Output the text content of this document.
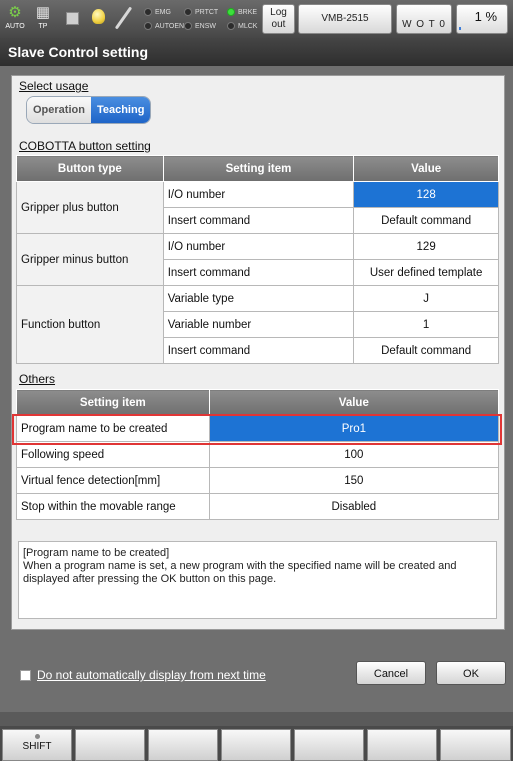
⚙
AUTO
▦
TP
EMG	PRTCT	BRKE
AUTOEN ENSW	MLCK
Log
out
VMB-2515
W O T 0
1 %
Slave Control setting
Select usage
Operation	Teaching
COBOTTA button setting
Button type	Setting item	Value
Gripper plus button	I/O number	128
	Insert command	Default command
Gripper minus button	I/O number	129
	Insert command	User defined template
Function button	Variable type	J
	Variable number	1
	Insert command	Default command
Others
Setting item	Value
Program name to be created	Pro1
Following speed	100
Virtual fence detection[mm]	150
Stop within the movable range	Disabled
[Program name to be created]
When a program name is set, a new program with the specified name will be created and displayed after pressing the OK button on this page.
Do not automatically display from next time	Cancel	OK
SHIFT
